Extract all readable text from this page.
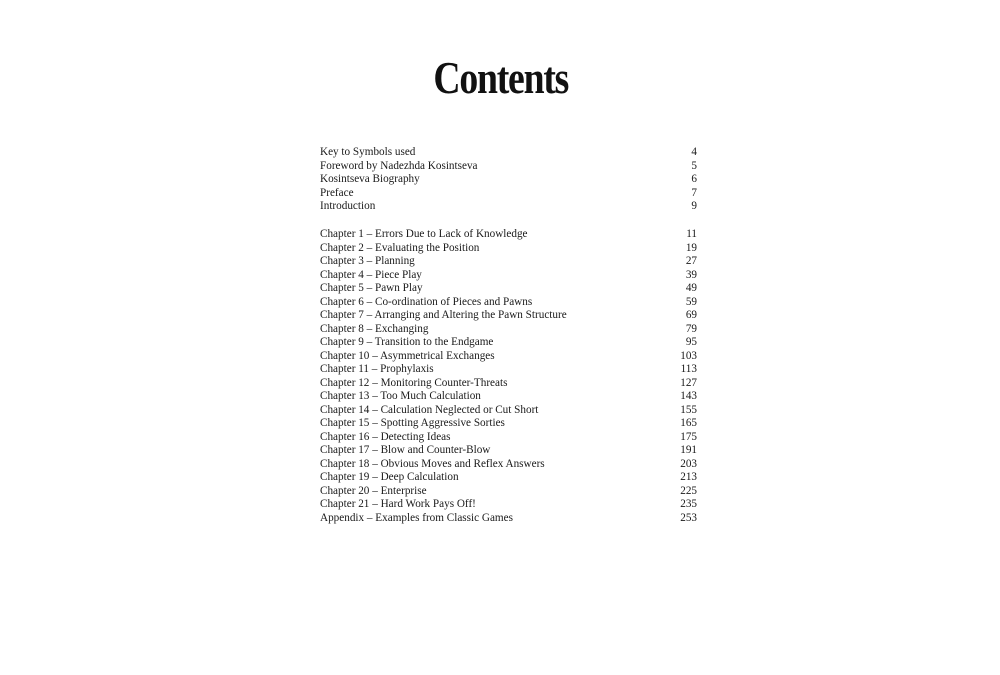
Contents
Key to Symbols used	4
Foreword by Nadezhda Kosintseva	5
Kosintseva Biography	6
Preface	7
Introduction	9
Chapter 1 – Errors Due to Lack of Knowledge	11
Chapter 2 – Evaluating the Position	19
Chapter 3 – Planning	27
Chapter 4 – Piece Play	39
Chapter 5 – Pawn Play	49
Chapter 6 – Co-ordination of Pieces and Pawns	59
Chapter 7 – Arranging and Altering the Pawn Structure	69
Chapter 8 – Exchanging	79
Chapter 9 – Transition to the Endgame	95
Chapter 10 – Asymmetrical Exchanges	103
Chapter 11 – Prophylaxis	113
Chapter 12 – Monitoring Counter-Threats	127
Chapter 13 – Too Much Calculation	143
Chapter 14 – Calculation Neglected or Cut Short	155
Chapter 15 – Spotting Aggressive Sorties	165
Chapter 16 – Detecting Ideas	175
Chapter 17 – Blow and Counter-Blow	191
Chapter 18 – Obvious Moves and Reflex Answers	203
Chapter 19 – Deep Calculation	213
Chapter 20 – Enterprise	225
Chapter 21 – Hard Work Pays Off!	235
Appendix – Examples from Classic Games	253
